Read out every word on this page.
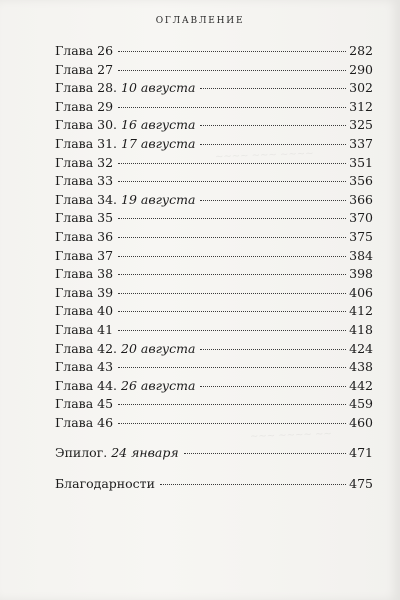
~~~~ ~~~ ~~~~
~~~ ~~~~ ~~
ОГЛАВЛЕНИЕ
Глава 26	282
Глава 27	290
Глава 28. 10 августа	302
Глава 29	312
Глава 30. 16 августа	325
Глава 31. 17 августа	337
Глава 32	351
Глава 33	356
Глава 34. 19 августа	366
Глава 35	370
Глава 36	375
Глава 37	384
Глава 38	398
Глава 39	406
Глава 40	412
Глава 41	418
Глава 42. 20 августа	424
Глава 43	438
Глава 44. 26 августа	442
Глава 45	459
Глава 46	460
Эпилог. 24 января	471
Благодарности	475
